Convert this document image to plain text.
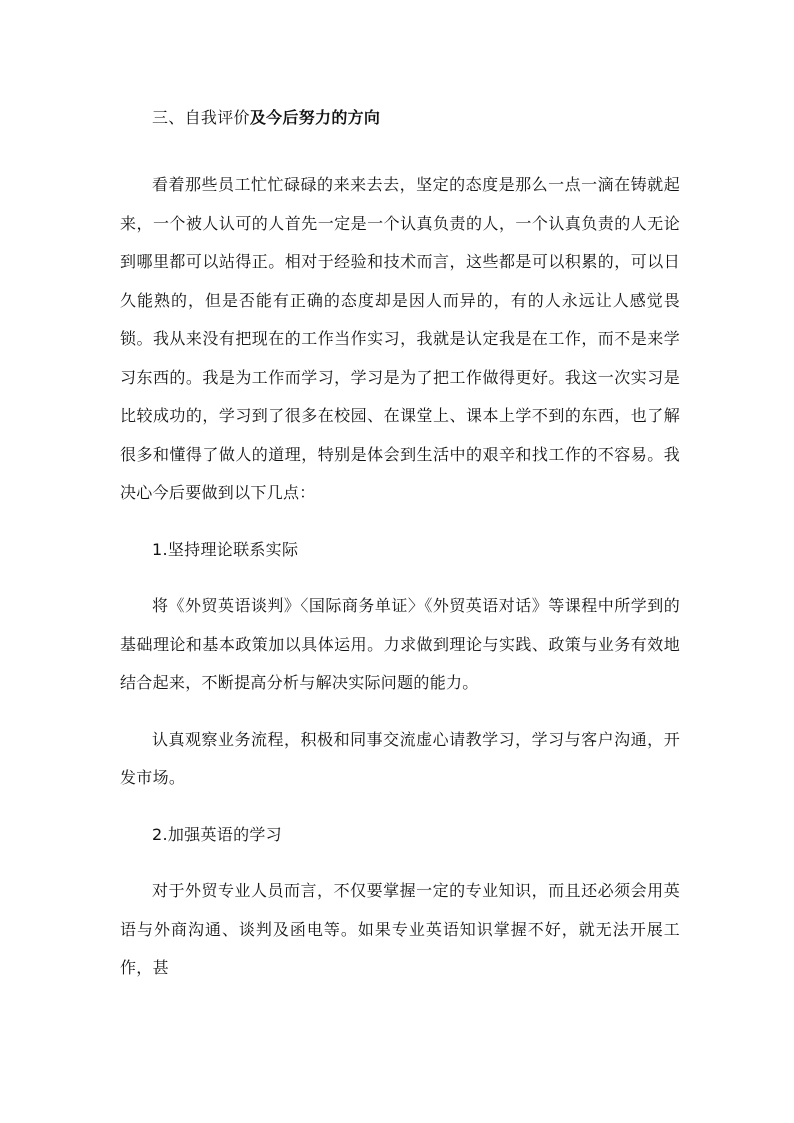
三、自我评价及今后努力的方向

看着那些员工忙忙碌碌的来来去去，坚定的态度是那么一点一滴在铸就起来，一个被人认可的人首先一定是一个认真负责的人，一个认真负责的人无论到哪里都可以站得正。相对于经验和技术而言，这些都是可以积累的，可以日久能熟的，但是否能有正确的态度却是因人而异的，有的人永远让人感觉畏锁。我从来没有把现在的工作当作实习，我就是认定我是在工作，而不是来学习东西的。我是为工作而学习，学习是为了把工作做得更好。我这一次实习是比较成功的，学习到了很多在校园、在课堂上、课本上学不到的东西，也了解很多和懂得了做人的道理，特别是体会到生活中的艰辛和找工作的不容易。我决心今后要做到以下几点：

1.坚持理论联系实际

将《外贸英语谈判》〈国际商务单证〉《外贸英语对话》等课程中所学到的基础理论和基本政策加以具体运用。力求做到理论与实践、政策与业务有效地结合起来，不断提高分析与解决实际问题的能力。

认真观察业务流程，积极和同事交流虚心请教学习，学习与客户沟通，开发市场。

2.加强英语的学习

对于外贸专业人员而言，不仅要掌握一定的专业知识，而且还必须会用英语与外商沟通、谈判及函电等。如果专业英语知识掌握不好，就无法开展工作，甚
